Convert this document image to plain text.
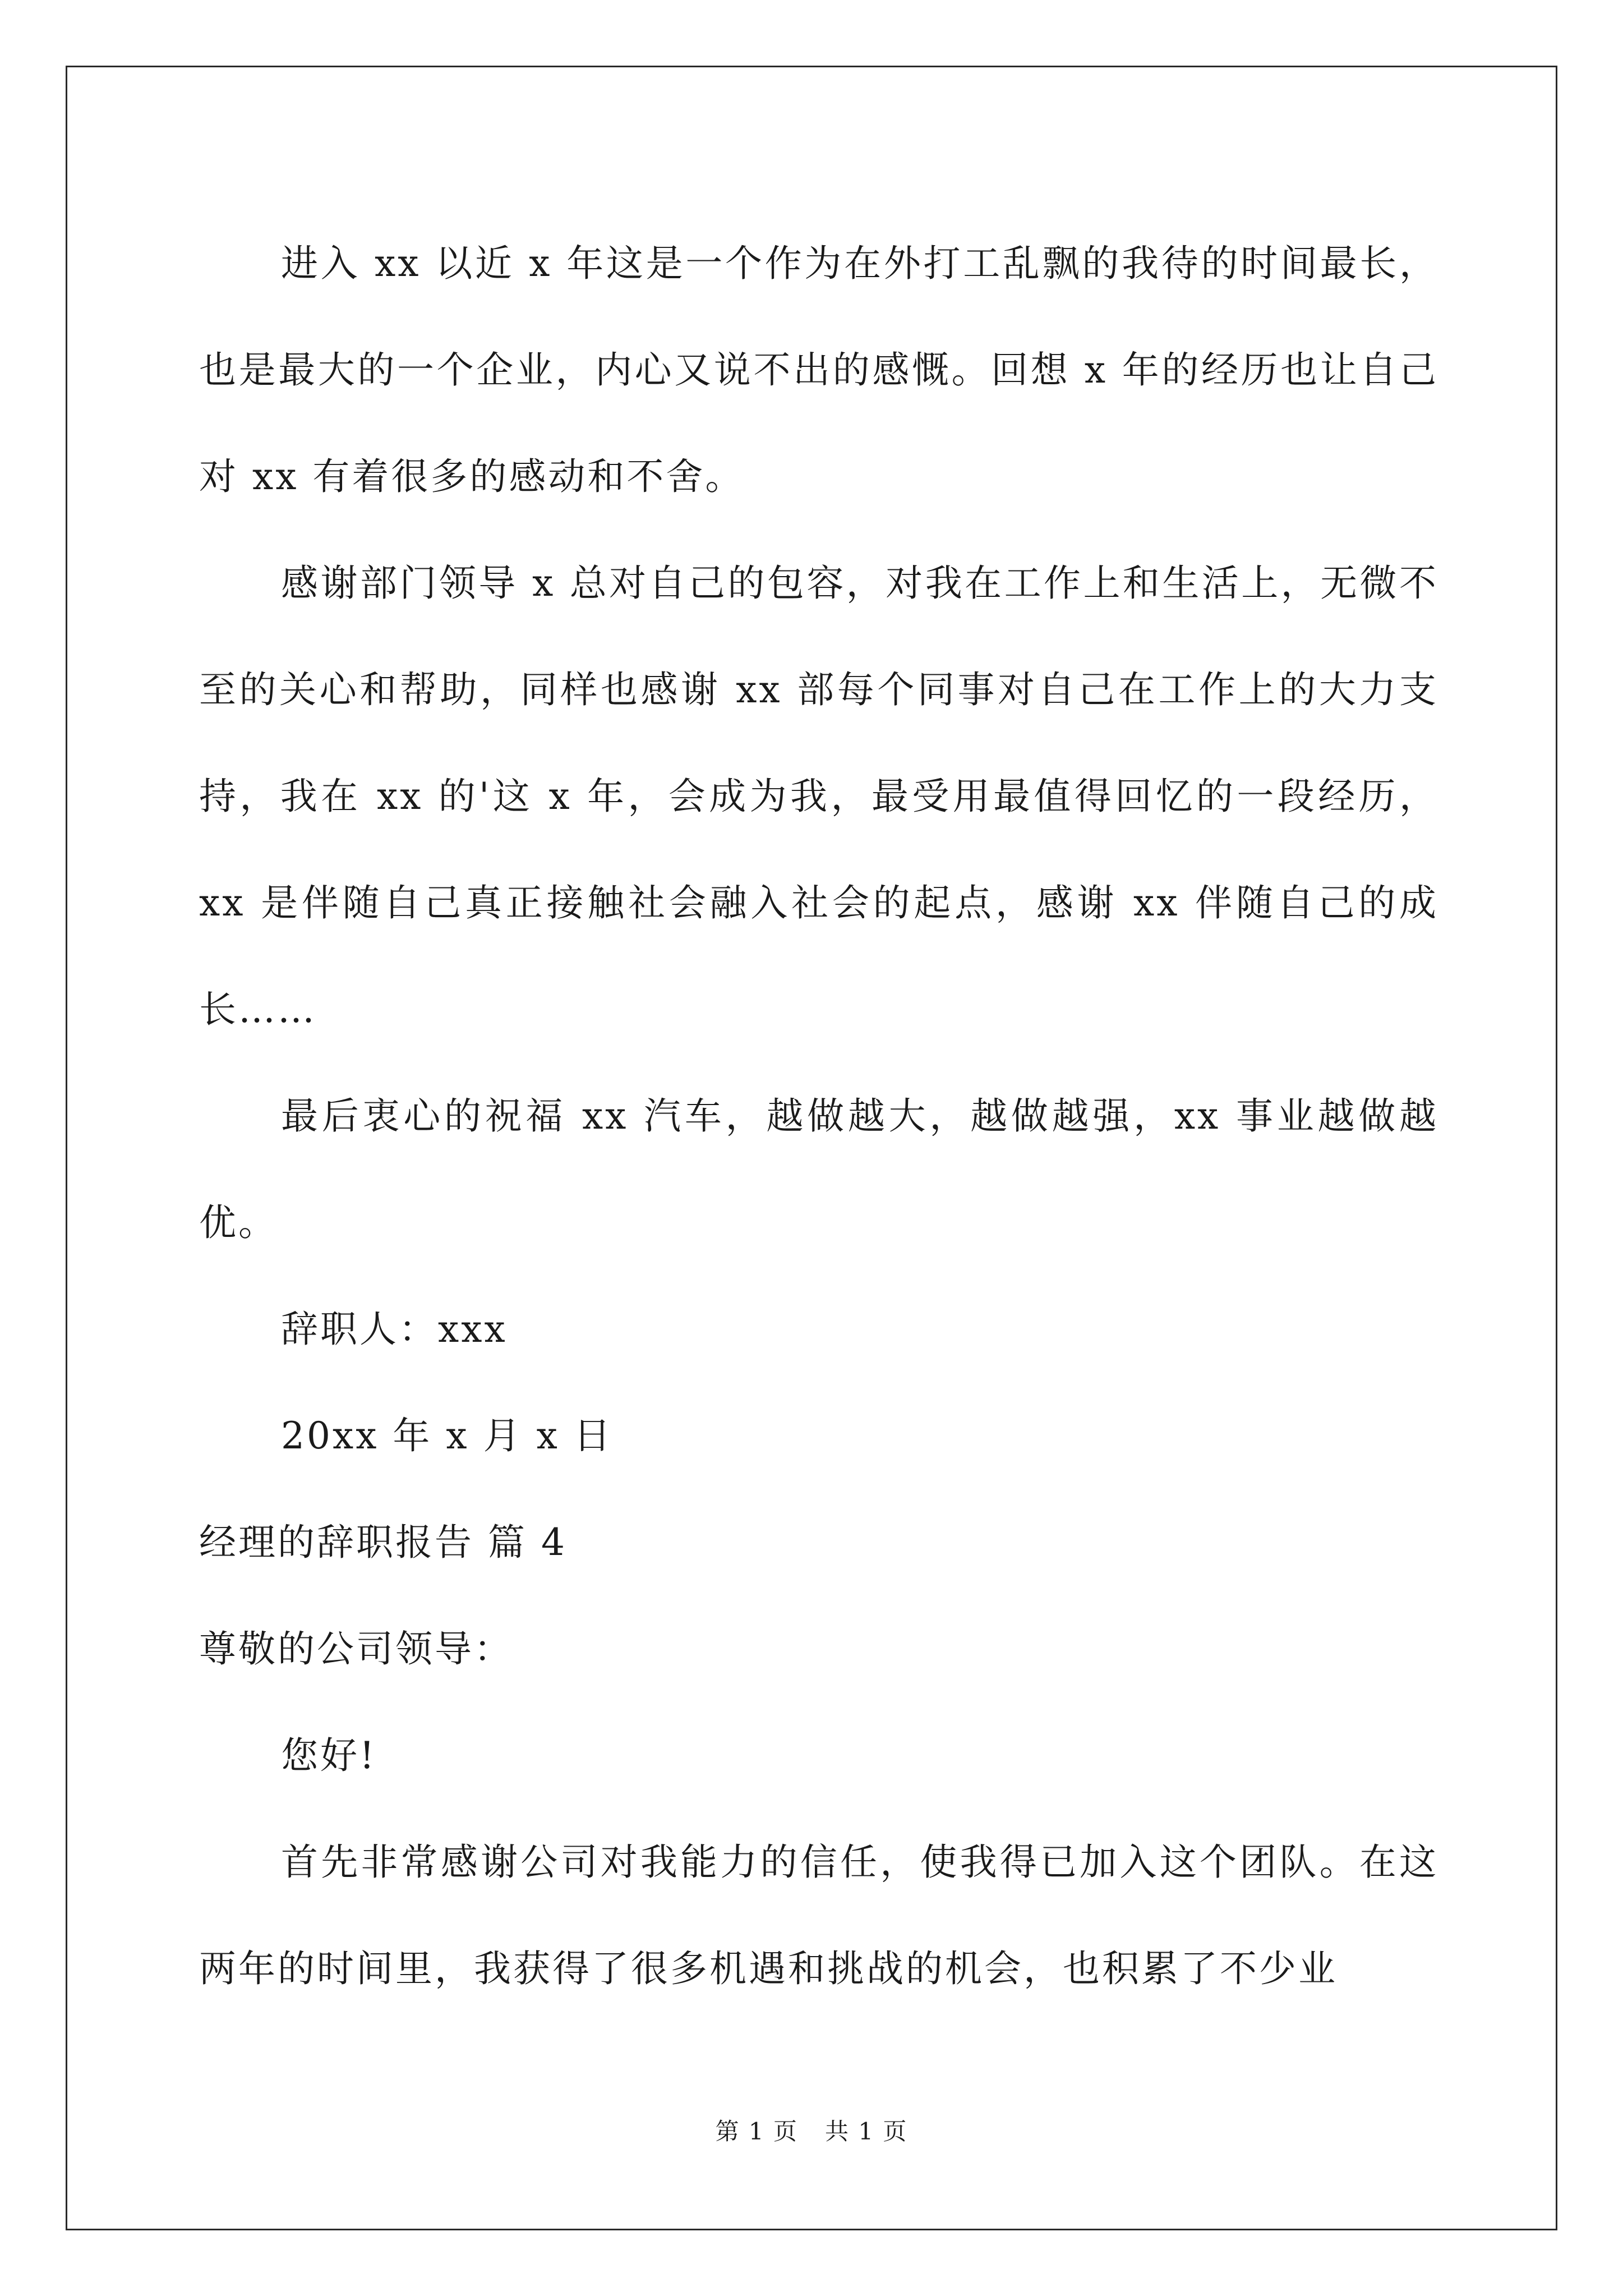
进入 xx 以近 x 年这是一个作为在外打工乱飘的我待的时间最长，也是最大的一个企业，内心又说不出的感慨。回想 x 年的经历也让自己对 xx 有着很多的感动和不舍。

感谢部门领导 x 总对自己的包容，对我在工作上和生活上，无微不至的关心和帮助，同样也感谢 xx 部每个同事对自己在工作上的大力支持，我在 xx 的'这 x 年，会成为我，最受用最值得回忆的一段经历，xx 是伴随自己真正接触社会融入社会的起点，感谢 xx 伴随自己的成长……

最后衷心的祝福 xx 汽车，越做越大，越做越强，xx 事业越做越优。

辞职人：xxx

20xx 年 x 月 x 日

经理的辞职报告 篇 4

尊敬的公司领导：

您好!

首先非常感谢公司对我能力的信任，使我得已加入这个团队。在这两年的时间里，我获得了很多机遇和挑战的机会，也积累了不少业

第 1 页 共 1 页
